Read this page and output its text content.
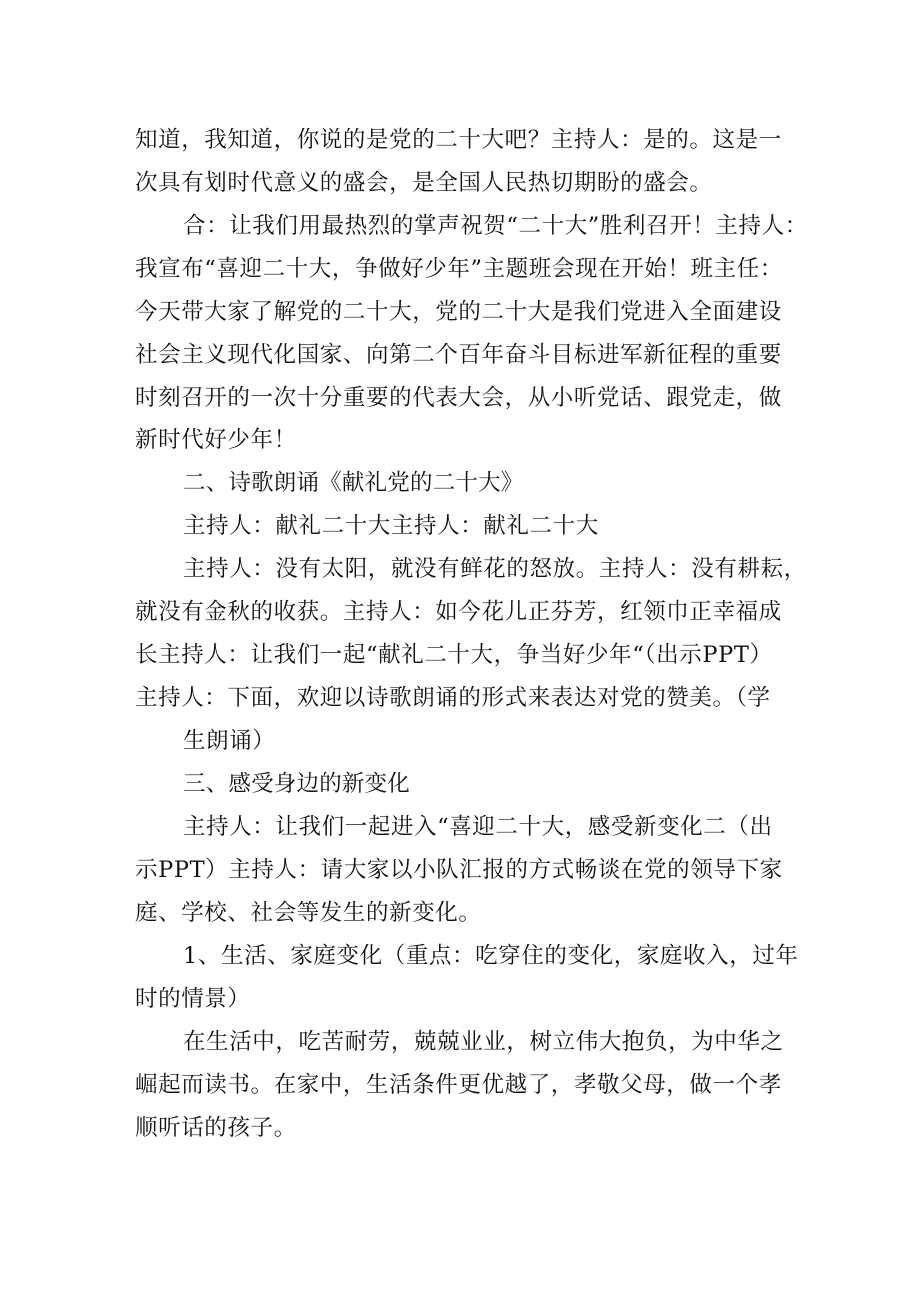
知道，我知道，你说的是党的二十大吧？主持人：是的。这是一
次具有划时代意义的盛会，是全国人民热切期盼的盛会。
合：让我们用最热烈的掌声祝贺“二十大”胜利召开！主持人：
我宣布“喜迎二十大，争做好少年”主题班会现在开始！班主任：
今天带大家了解党的二十大，党的二十大是我们党进入全面建设
社会主义现代化国家、向第二个百年奋斗目标进军新征程的重要
时刻召开的一次十分重要的代表大会，从小听党话、跟党走，做
新时代好少年！
二、诗歌朗诵《献礼党的二十大》
主持人：献礼二十大主持人：献礼二十大
主持人：没有太阳，就没有鲜花的怒放。主持人：没有耕耘，
就没有金秋的收获。主持人：如今花儿正芬芳，红领巾正幸福成
长主持人：让我们一起“献礼二十大，争当好少年“（出示PPT）
主持人：下面，欢迎以诗歌朗诵的形式来表达对党的赞美。（学
生朗诵）
三、感受身边的新变化
主持人：让我们一起进入“喜迎二十大，感受新变化二（出
示PPT）主持人：请大家以小队汇报的方式畅谈在党的领导下家
庭、学校、社会等发生的新变化。
1、生活、家庭变化（重点：吃穿住的变化，家庭收入，过年
时的情景）
在生活中，吃苦耐劳，兢兢业业，树立伟大抱负，为中华之
崛起而读书。在家中，生活条件更优越了，孝敬父母，做一个孝
顺听话的孩子。
